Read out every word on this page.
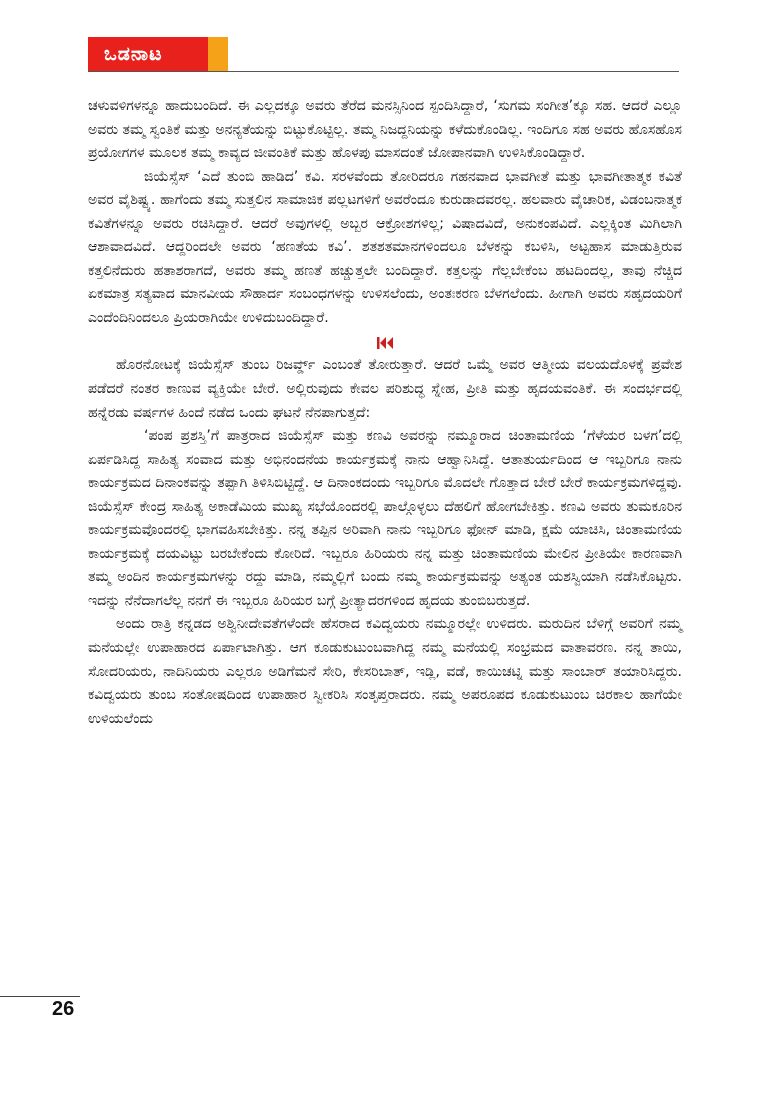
ಒಡನಾಟ

ಚಳುವಳಿಗಳನ್ನೂ ಹಾದುಬಂದಿದೆ. ಈ ಎಲ್ಲದಕ್ಕೂ ಅವರು ತೆರೆದ ಮನಸ್ಸಿನಿಂದ ಸ್ಪಂದಿಸಿದ್ದಾರೆ, ‘ಸುಗಮ ಸಂಗೀತ’ಕ್ಕೂ ಸಹ. ಆದರೆ ಎಲ್ಲೂ ಅವರು ತಮ್ಮ ಸ್ವಂತಿಕೆ ಮತ್ತು ಅನನ್ಯತೆಯನ್ನು ಬಿಟ್ಟುಕೊಟ್ಟಿಲ್ಲ. ತಮ್ಮ ನಿಜದ್ದನಿಯನ್ನು ಕಳೆದುಕೊಂಡಿಲ್ಲ. ಇಂದಿಗೂ ಸಹ ಅವರು ಹೊಸಹೊಸ ಪ್ರಯೋಗಗಳ ಮೂಲಕ ತಮ್ಮ ಕಾವ್ಯದ ಜೀವಂತಿಕೆ ಮತ್ತು ಹೊಳಪು ಮಾಸದಂತೆ ಜೋಪಾನವಾಗಿ ಉಳಿಸಿಕೊಂಡಿದ್ದಾರೆ.

ಜಿಯೆಸ್ಸೆಸ್ ‘ಎದೆ ತುಂಬಿ ಹಾಡಿದ’ ಕವಿ. ಸರಳವೆಂದು ತೋರಿದರೂ ಗಹನವಾದ ಭಾವಗೀತೆ ಮತ್ತು ಭಾವಗೀತಾತ್ಮಕ ಕವಿತೆ ಅವರ ವೈಶಿಷ್ಟ್ಯ. ಹಾಗೆಂದು ತಮ್ಮ ಸುತ್ತಲಿನ ಸಾಮಾಜಿಕ ಪಲ್ಲಟಗಳಿಗೆ ಅವರೆಂದೂ ಕುರುಡಾದವರಲ್ಲ. ಹಲವಾರು ವೈಚಾರಿಕ, ವಿಡಂಬನಾತ್ಮಕ ಕವಿತೆಗಳನ್ನೂ ಅವರು ರಚಿಸಿದ್ದಾರೆ. ಆದರೆ ಅವುಗಳಲ್ಲಿ ಅಬ್ಬರ ಆಕ್ರೋಶಗಳಿಲ್ಲ; ವಿಷಾದವಿದೆ, ಅನುಕಂಪವಿದೆ. ಎಲ್ಲಕ್ಕಿಂತ ಮಿಗಿಲಾಗಿ ಆಶಾವಾದವಿದೆ. ಆದ್ದರಿಂದಲೇ ಅವರು ‘ಹಣತೆಯ ಕವಿ’. ಶತಶತಮಾನಗಳಿಂದಲೂ ಬೆಳಕನ್ನು ಕಬಳಿಸಿ, ಅಟ್ಟಹಾಸ ಮಾಡುತ್ತಿರುವ ಕತ್ತಲಿನೆದುರು ಹತಾಶರಾಗದೆ, ಅವರು ತಮ್ಮ ಹಣತೆ ಹಚ್ಚುತ್ತಲೇ ಬಂದಿದ್ದಾರೆ. ಕತ್ತಲನ್ನು ಗೆಲ್ಲಬೇಕೆಂಬ ಹಟದಿಂದಲ್ಲ, ತಾವು ನೆಚ್ಚಿದ ಏಕಮಾತ್ರ ಸತ್ಯವಾದ ಮಾನವೀಯ ಸೌಹಾರ್ದ ಸಂಬಂಧಗಳನ್ನು ಉಳಿಸಲೆಂದು, ಅಂತಃಕರಣ ಬೆಳಗಲೆಂದು. ಹೀಗಾಗಿ ಅವರು ಸಹೃದಯರಿಗೆ ಎಂದೆಂದಿನಿಂದಲೂ ಪ್ರಿಯರಾಗಿಯೇ ಉಳಿದುಬಂದಿದ್ದಾರೆ.

ಹೊರನೋಟಕ್ಕೆ ಜಿಯೆಸ್ಸೆಸ್ ತುಂಬ ರಿಜರ್ವ್ಡ್ ಎಂಬಂತೆ ತೋರುತ್ತಾರೆ. ಆದರೆ ಒಮ್ಮೆ ಅವರ ಆತ್ಮೀಯ ವಲಯದೊಳಕ್ಕೆ ಪ್ರವೇಶ ಪಡೆದರೆ ನಂತರ ಕಾಣುವ ವ್ಯಕ್ತಿಯೇ ಬೇರೆ. ಅಲ್ಲಿರುವುದು ಕೇವಲ ಪರಿಶುದ್ಧ ಸ್ನೇಹ, ಪ್ರೀತಿ ಮತ್ತು ಹೃದಯವಂತಿಕೆ. ಈ ಸಂದರ್ಭದಲ್ಲಿ ಹನ್ನೆರಡು ವರ್ಷಗಳ ಹಿಂದೆ ನಡೆದ ಒಂದು ಘಟನೆ ನೆನಪಾಗುತ್ತದೆ:

‘ಪಂಪ ಪ್ರಶಸ್ತಿ’ಗೆ ಪಾತ್ರರಾದ ಜಿಯೆಸ್ಸೆಸ್ ಮತ್ತು ಕಣವಿ ಅವರನ್ನು ನಮ್ಮೂರಾದ ಚಿಂತಾಮಣಿಯ ‘ಗೆಳೆಯರ ಬಳಗ’ದಲ್ಲಿ ಏರ್ಪಡಿಸಿದ್ದ ಸಾಹಿತ್ಯ ಸಂವಾದ ಮತ್ತು ಅಭಿನಂದನೆಯ ಕಾರ್ಯಕ್ರಮಕ್ಕೆ ನಾನು ಆಹ್ವಾನಿಸಿದ್ದೆ. ಆತಾತುರ್ಯದಿಂದ ಆ ಇಬ್ಬರಿಗೂ ನಾನು ಕಾರ್ಯಕ್ರಮದ ದಿನಾಂಕವನ್ನು ತಪ್ಪಾಗಿ ತಿಳಿಸಿಬಿಟ್ಟಿದ್ದೆ. ಆ ದಿನಾಂಕದಂದು ಇಬ್ಬರಿಗೂ ಮೊದಲೇ ಗೊತ್ತಾದ ಬೇರೆ ಬೇರೆ ಕಾರ್ಯಕ್ರಮಗಳಿದ್ದವು. ಜಿಯೆಸ್ಸೆಸ್ ಕೇಂದ್ರ ಸಾಹಿತ್ಯ ಅಕಾಡೆಮಿಯ ಮುಖ್ಯ ಸಭೆಯೊಂದರಲ್ಲಿ ಪಾಲ್ಗೊಳ್ಳಲು ದೆಹಲಿಗೆ ಹೋಗಬೇಕಿತ್ತು. ಕಣವಿ ಅವರು ತುಮಕೂರಿನ ಕಾರ್ಯಕ್ರಮವೊಂದರಲ್ಲಿ ಭಾಗವಹಿಸಬೇಕಿತ್ತು. ನನ್ನ ತಪ್ಪಿನ ಅರಿವಾಗಿ ನಾನು ಇಬ್ಬರಿಗೂ ಫೋನ್ ಮಾಡಿ, ಕ್ಷಮೆ ಯಾಚಿಸಿ, ಚಿಂತಾಮಣಿಯ ಕಾರ್ಯಕ್ರಮಕ್ಕೆ ದಯವಿಟ್ಟು ಬರಬೇಕೆಂದು ಕೋರಿದೆ. ಇಬ್ಬರೂ ಹಿರಿಯರು ನನ್ನ ಮತ್ತು ಚಿಂತಾಮಣಿಯ ಮೇಲಿನ ಪ್ರೀತಿಯೇ ಕಾರಣವಾಗಿ ತಮ್ಮ ಅಂದಿನ ಕಾರ್ಯಕ್ರಮಗಳನ್ನು ರದ್ದು ಮಾಡಿ, ನಮ್ಮಲ್ಲಿಗೆ ಬಂದು ನಮ್ಮ ಕಾರ್ಯಕ್ರಮವನ್ನು ಅತ್ಯಂತ ಯಶಸ್ವಿಯಾಗಿ ನಡೆಸಿಕೊಟ್ಟರು. ಇದನ್ನು ನೆನೆದಾಗಲೆಲ್ಲ ನನಗೆ ಈ ಇಬ್ಬರೂ ಹಿರಿಯರ ಬಗ್ಗೆ ಪ್ರೀತ್ಯಾದರಗಳಿಂದ ಹೃದಯ ತುಂಬಿಬರುತ್ತದೆ.

ಅಂದು ರಾತ್ರಿ ಕನ್ನಡದ ಅಶ್ವಿನೀದೇವತೆಗಳೆಂದೇ ಹೆಸರಾದ ಕವಿದ್ವಯರು ನಮ್ಮೂರಲ್ಲೇ ಉಳಿದರು. ಮರುದಿನ ಬೆಳಿಗ್ಗೆ ಅವರಿಗೆ ನಮ್ಮ ಮನೆಯಲ್ಲೇ ಉಪಾಹಾರದ ಏರ್ಪಾಟಾಗಿತ್ತು. ಆಗ ಕೂಡುಕುಟುಂಬವಾಗಿದ್ದ ನಮ್ಮ ಮನೆಯಲ್ಲಿ ಸಂಭ್ರಮದ ವಾತಾವರಣ. ನನ್ನ ತಾಯಿ, ಸೋದರಿಯರು, ನಾದಿನಿಯರು ಎಲ್ಲರೂ ಅಡಿಗೆಮನೆ ಸೇರಿ, ಕೇಸರಿಬಾತ್, ಇಡ್ಲಿ, ವಡೆ, ಕಾಯಿಚಟ್ನಿ ಮತ್ತು ಸಾಂಬಾರ್ ತಯಾರಿಸಿದ್ದರು. ಕವಿದ್ವಯರು ತುಂಬ ಸಂತೋಷದಿಂದ ಉಪಾಹಾರ ಸ್ವೀಕರಿಸಿ ಸಂತೃಪ್ತರಾದರು. ನಮ್ಮ ಅಪರೂಪದ ಕೂಡುಕುಟುಂಬ ಚಿರಕಾಲ ಹಾಗೆಯೇ ಉಳಿಯಲೆಂದು

26
